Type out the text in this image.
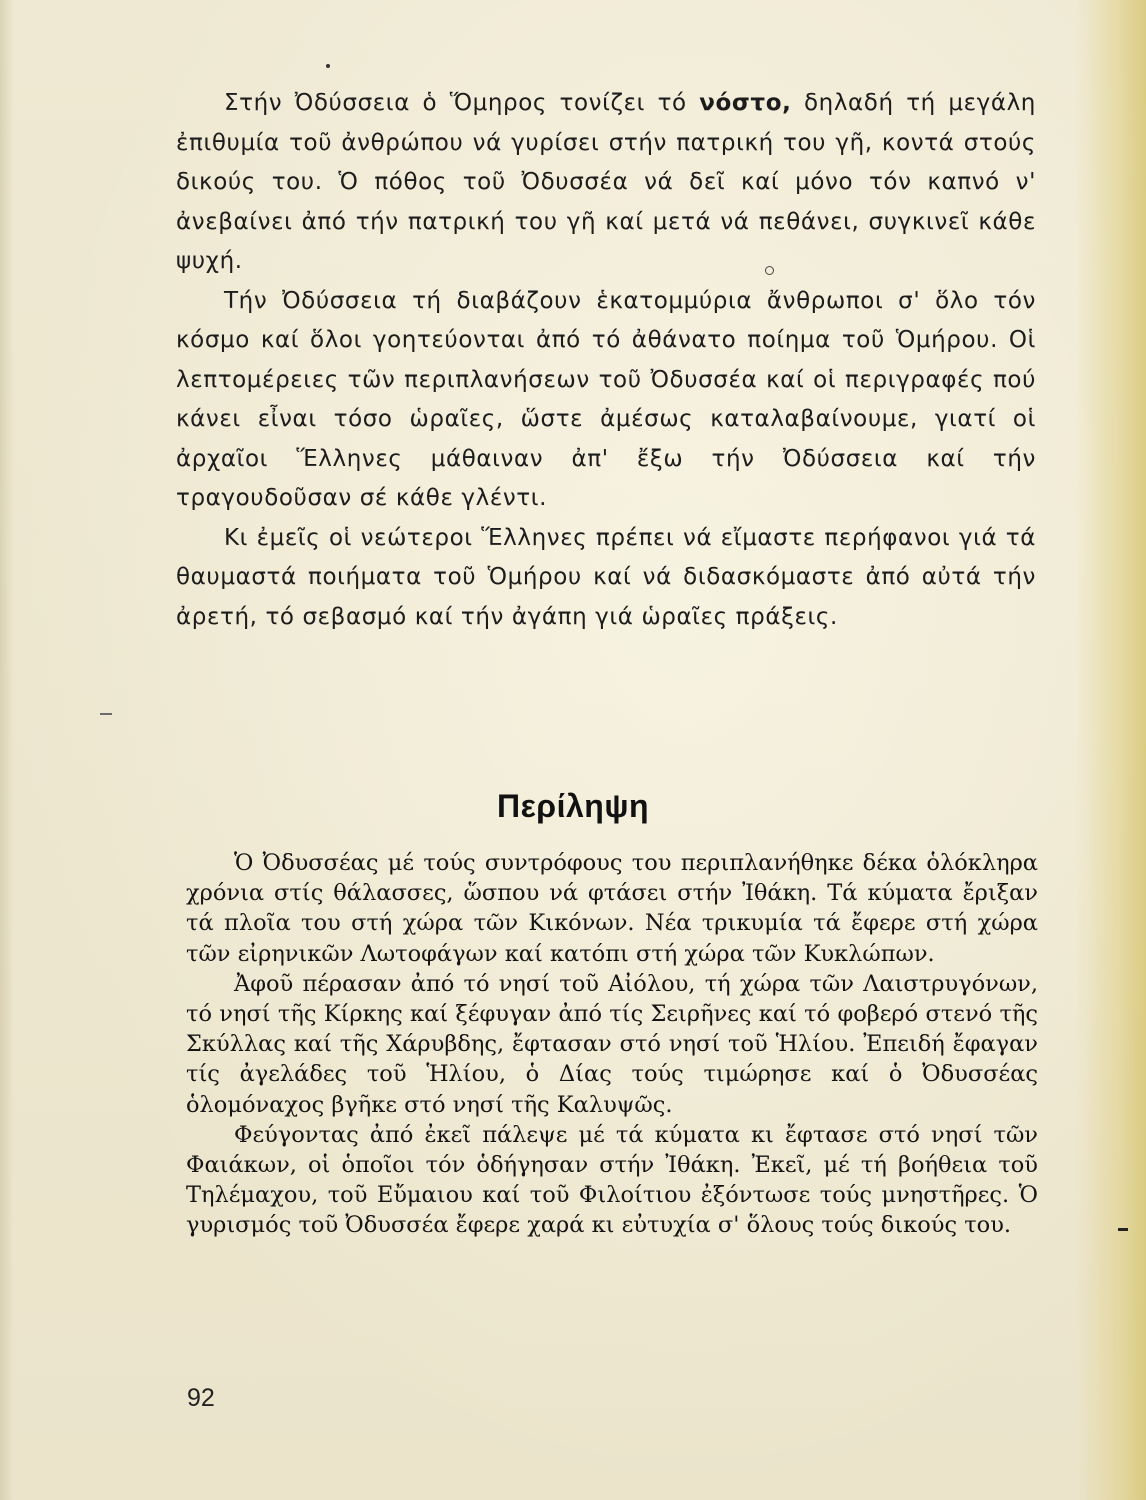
Στήν Ὀδύσσεια ὁ Ὅμηρος τονίζει τό νόστο, δηλαδή τή μεγάλη ἐπιθυμία τοῦ ἀνθρώπου νά γυρίσει στήν πατρική του γῆ, κοντά στούς δικούς του. Ὁ πόθος τοῦ Ὀδυσσέα νά δεῖ καί μόνο τόν καπνό ν' ἀνεβαίνει ἀπό τήν πατρική του γῆ καί μετά νά πεθάνει, συγκινεῖ κάθε ψυχή.

Τήν Ὀδύσσεια τή διαβάζουν ἑκατομμύρια ἄνθρωποι σ' ὅλο τόν κόσμο καί ὅλοι γοητεύονται ἀπό τό ἀθάνατο ποίημα τοῦ Ὁμήρου. Οἱ λεπτομέρειες τῶν περιπλανήσεων τοῦ Ὀδυσσέα καί οἱ περιγραφές πού κάνει εἶναι τόσο ὡραῖες, ὥστε ἀμέσως καταλαβαίνουμε, γιατί οἱ ἀρχαῖοι Ἕλληνες μάθαιναν ἀπ' ἔξω τήν Ὀδύσσεια καί τήν τραγουδοῦσαν σέ κάθε γλέντι.

Κι ἐμεῖς οἱ νεώτεροι Ἕλληνες πρέπει νά εἴμαστε περήφανοι γιά τά θαυμαστά ποιήματα τοῦ Ὁμήρου καί νά διδασκόμαστε ἀπό αὐτά τήν ἀρετή, τό σεβασμό καί τήν ἀγάπη γιά ὡραῖες πράξεις.

Περίληψη

Ὁ Ὀδυσσέας μέ τούς συντρόφους του περιπλανήθηκε δέκα ὁλόκληρα χρόνια στίς θάλασσες, ὥσπου νά φτάσει στήν Ἰθάκη. Τά κύματα ἔριξαν τά πλοῖα του στή χώρα τῶν Κικόνων. Νέα τρικυμία τά ἔφερε στή χώρα τῶν εἰρηνικῶν Λωτοφάγων καί κατόπι στή χώρα τῶν Κυκλώπων.

Ἀφοῦ πέρασαν ἀπό τό νησί τοῦ Αἰόλου, τή χώρα τῶν Λαιστρυγόνων, τό νησί τῆς Κίρκης καί ξέφυγαν ἀπό τίς Σειρῆνες καί τό φοβερό στενό τῆς Σκύλλας καί τῆς Χάρυβδης, ἔφτασαν στό νησί τοῦ Ἡλίου. Ἐπειδή ἔφαγαν τίς ἀγελάδες τοῦ Ἡλίου, ὁ Δίας τούς τιμώρησε καί ὁ Ὀδυσσέας ὁλομόναχος βγῆκε στό νησί τῆς Καλυψῶς.

Φεύγοντας ἀπό ἐκεῖ πάλεψε μέ τά κύματα κι ἔφτασε στό νησί τῶν Φαιάκων, οἱ ὁποῖοι τόν ὁδήγησαν στήν Ἰθάκη. Ἐκεῖ, μέ τή βοήθεια τοῦ Τηλέμαχου, τοῦ Εὔμαιου καί τοῦ Φιλοίτιου ἐξόντωσε τούς μνηστῆρες. Ὁ γυρισμός τοῦ Ὀδυσσέα ἔφερε χαρά κι εὐτυχία σ' ὅλους τούς δικούς του.

92
